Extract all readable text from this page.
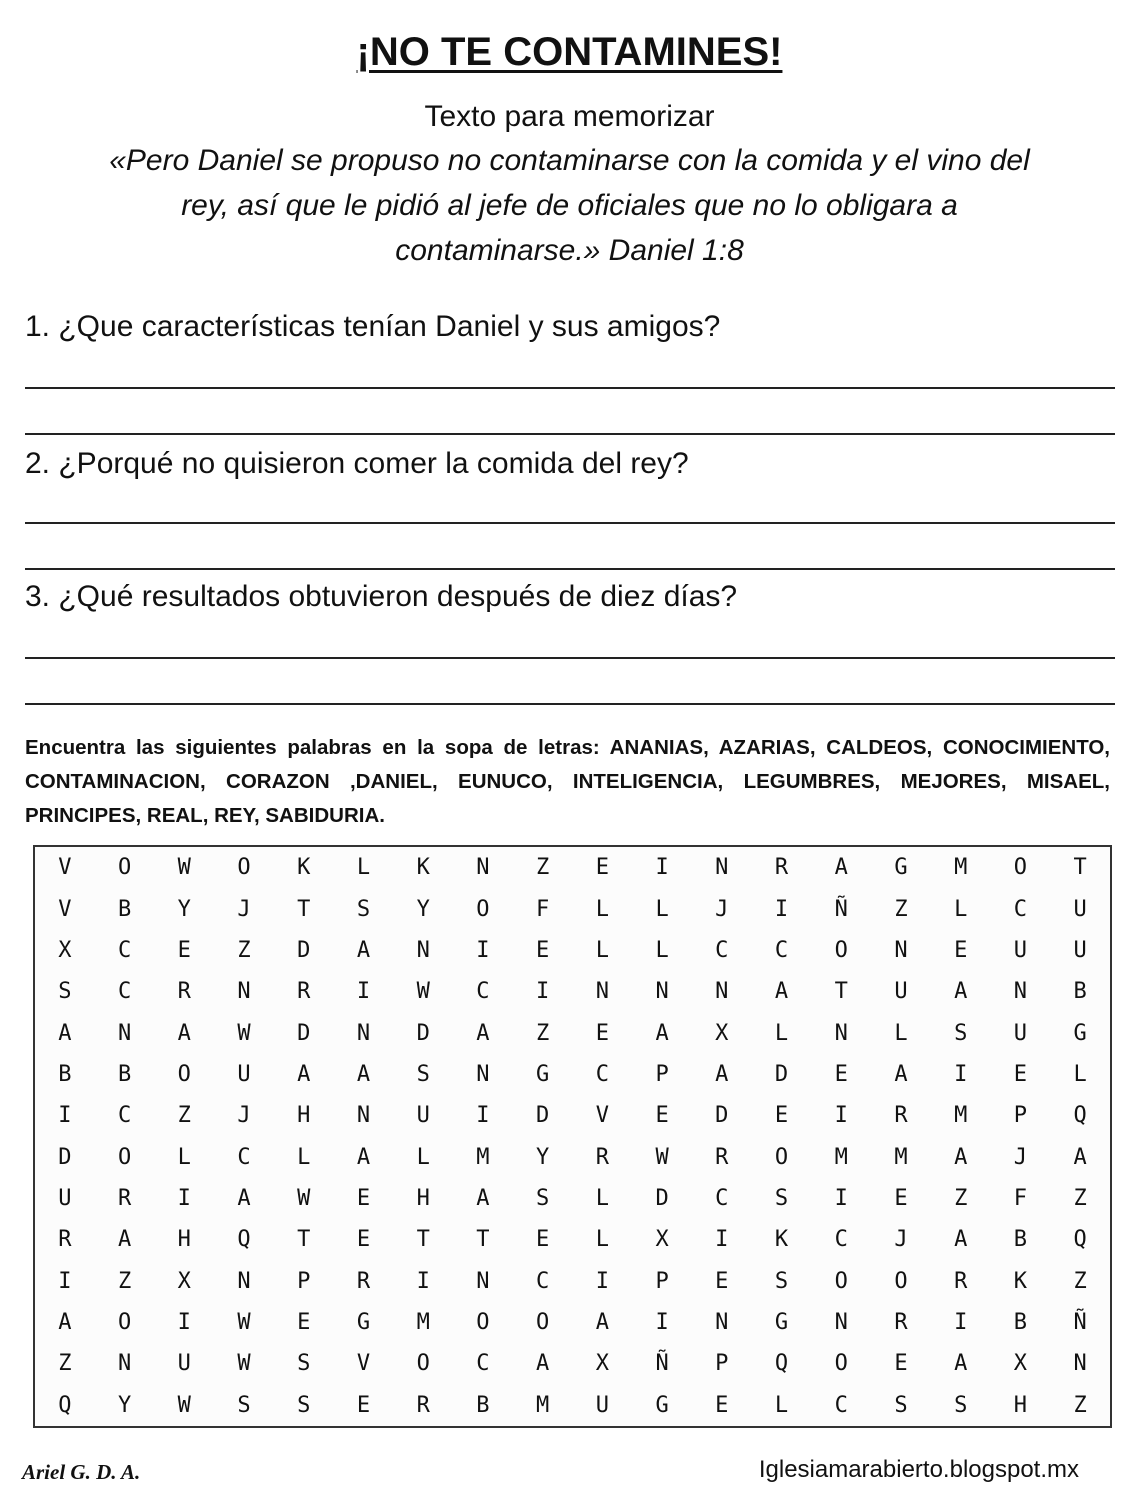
¡NO TE CONTAMINES!
Texto para memorizar
«Pero Daniel se propuso no contaminarse con la comida y el vino del
rey, así que le pidió al jefe de oficiales que no lo obligara a
contaminarse.» Daniel 1:8
1. ¿Que características tenían Daniel y sus amigos?
2. ¿Porqué no quisieron comer la comida del rey?
3. ¿Qué resultados obtuvieron después de diez días?
Encuentra las siguientes palabras en la sopa de letras: ANANIAS, AZARIAS, CALDEOS, CONOCIMIENTO, CONTAMINACION, CORAZON ,DANIEL, EUNUCO, INTELIGENCIA, LEGUMBRES, MEJORES, MISAEL, PRINCIPES, REAL, REY, SABIDURIA.
V	O	W	O	K	L	K	N	Z	E	I	N	R	A	G	M	O	T
V	B	Y	J	T	S	Y	O	F	L	L	J	I	Ñ	Z	L	C	U
X	C	E	Z	D	A	N	I	E	L	L	C	C	O	N	E	U	U
S	C	R	N	R	I	W	C	I	N	N	N	A	T	U	A	N	B
A	N	A	W	D	N	D	A	Z	E	A	X	L	N	L	S	U	G
B	B	O	U	A	A	S	N	G	C	P	A	D	E	A	I	E	L
I	C	Z	J	H	N	U	I	D	V	E	D	E	I	R	M	P	Q
D	O	L	C	L	A	L	M	Y	R	W	R	O	M	M	A	J	A
U	R	I	A	W	E	H	A	S	L	D	C	S	I	E	Z	F	Z
R	A	H	Q	T	E	T	T	E	L	X	I	K	C	J	A	B	Q
I	Z	X	N	P	R	I	N	C	I	P	E	S	O	O	R	K	Z
A	O	I	W	E	G	M	O	O	A	I	N	G	N	R	I	B	Ñ
Z	N	U	W	S	V	O	C	A	X	Ñ	P	Q	O	E	A	X	N
Q	Y	W	S	S	E	R	B	M	U	G	E	L	C	S	S	H	Z
Ariel G. D. A.	Iglesiamarabierto.blogspot.mx
